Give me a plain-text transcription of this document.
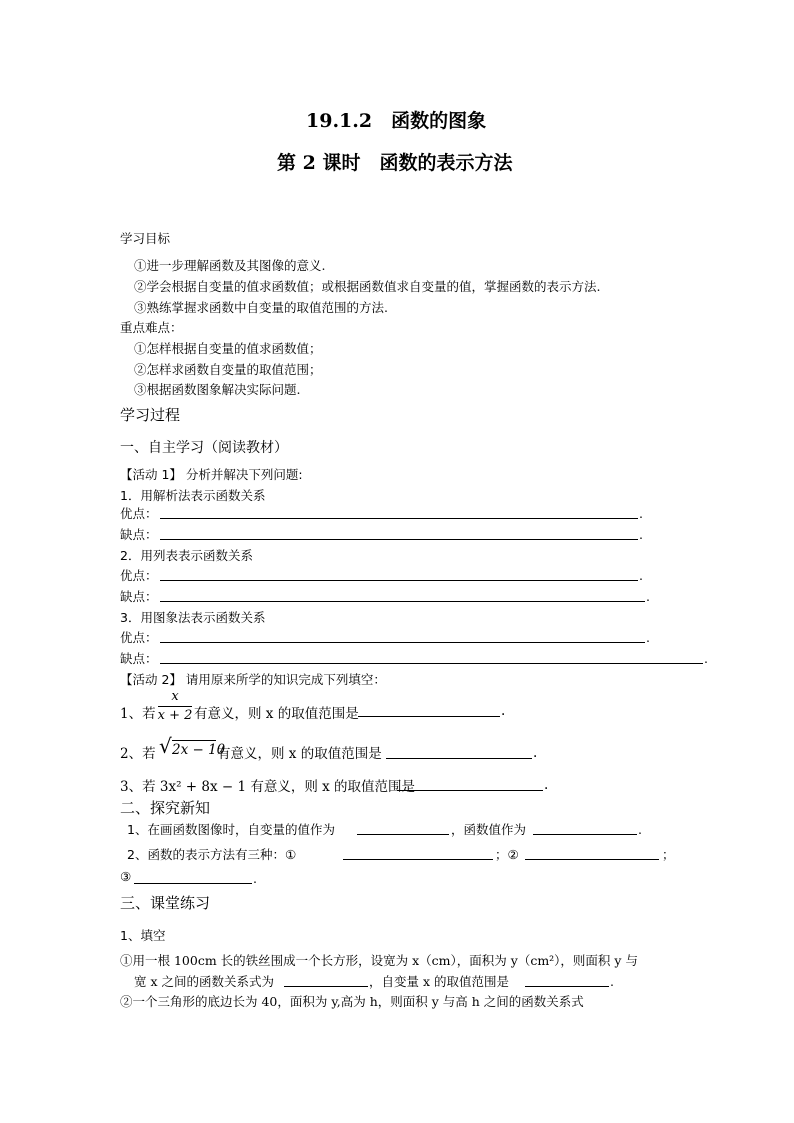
19.1.2　函数的图象
第 2 课时　函数的表示方法
学习目标
①进一步理解函数及其图像的意义.
②学会根据自变量的值求函数值；或根据函数值求自变量的值，掌握函数的表示方法.
③熟练掌握求函数中自变量的取值范围的方法.
重点难点：
①怎样根据自变量的值求函数值；
②怎样求函数自变量的取值范围；
③根据函数图象解决实际问题.
学习过程
一、自主学习（阅读教材）
【活动 1】 分析并解决下列问题:
1．用解析法表示函数关系
优点：	.
缺点：	.
2．用列表表示函数关系
优点：	.
缺点：	.
3．用图象法表示函数关系
优点：	.
缺点：	.
【活动 2】 请用原来所学的知识完成下列填空：
1、若
x
x + 2 有意义，则 x 的取值范围是	.
2、若 √ 2x − 10
有意义，则 x 的取值范围是	.
3、若 3x² + 8x − 1 有意义，则 x 的取值范围是	.
二、探究新知
1、在画函数图像时，自变量的值作为	，函数值作为	.
2、函数的表示方法有三种：①	；②	；
③	.
三、课堂练习
1、填空
①用一根 100cm 长的铁丝围成一个长方形，设宽为 x（cm），面积为 y（cm²），则面积 y 与
宽 x 之间的函数关系式为	，自变量 x 的取值范围是	.
②一个三角形的底边长为 40，面积为 y,高为 h，则面积 y 与高 h 之间的函数关系式
